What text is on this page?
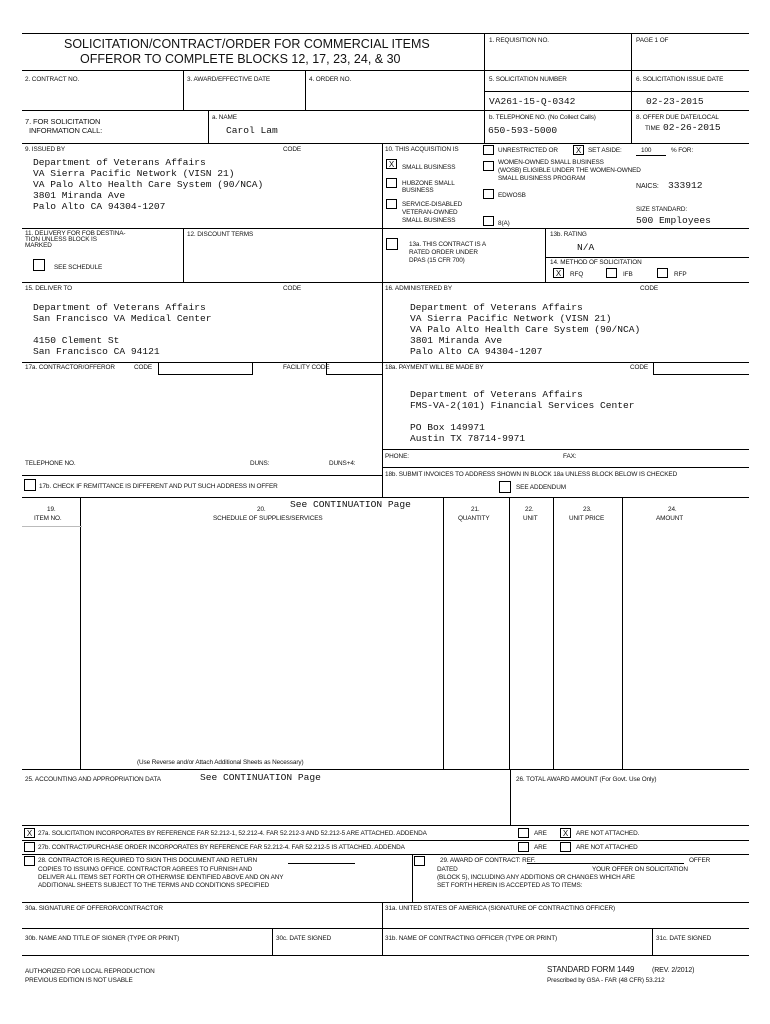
SOLICITATION/CONTRACT/ORDER FOR COMMERCIAL ITEMS
OFFEROR TO COMPLETE BLOCKS 12, 17, 23, 24, & 30
1. REQUISITION NO.	PAGE 1 OF
2. CONTRACT NO.	3. AWARD/EFFECTIVE DATE	4. ORDER NO.	5. SOLICITATION NUMBER
VA261-15-Q-0342
6. SOLICITATION ISSUE DATE
02-23-2015
7. FOR SOLICITATION
INFORMATION CALL:
a. NAME
Carol Lam
b. TELEPHONE NO. (No Collect Calls)
650-593-5000
8. OFFER DUE DATE/LOCAL
TIME 02-26-2015
9. ISSUED BY	CODE
Department of Veterans Affairs
VA Sierra Pacific Network (VISN 21)
VA Palo Alto Health Care System (90/NCA)
3801 Miranda Ave
Palo Alto CA 94304-1207
10. THIS ACQUISITION IS	UNRESTRICTED OR	X	SET ASIDE:	100	% FOR:
X	SMALL BUSINESS
HUBZONE SMALL
BUSINESS
SERVICE-DISABLED
VETERAN-OWNED
SMALL BUSINESS
WOMEN-OWNED SMALL BUSINESS
(WOSB) ELIGIBLE UNDER THE WOMEN-OWNED
SMALL BUSINESS PROGRAM
EDWOSB
8(A)
NAICS: 333912
SIZE STANDARD:
500 Employees
11. DELIVERY FOR FOB DESTINA-
TION UNLESS BLOCK IS
MARKED
SEE SCHEDULE
12. DISCOUNT TERMS
13a. THIS CONTRACT IS A
RATED ORDER UNDER
DPAS (15 CFR 700)
13b. RATING
N/A
14. METHOD OF SOLICITATION
X	RFQ	IFB	RFP
15. DELIVER TO	CODE
Department of Veterans Affairs
San Francisco VA Medical Center
4150 Clement St
San Francisco CA 94121
16. ADMINISTERED BY	CODE
Department of Veterans Affairs
VA Sierra Pacific Network (VISN 21)
VA Palo Alto Health Care System (90/NCA)
3801 Miranda Ave
Palo Alto CA 94304-1207
17a. CONTRACTOR/OFFEROR	CODE	FACILITY CODE
TELEPHONE NO.	DUNS:	DUNS+4:
17b. CHECK IF REMITTANCE IS DIFFERENT AND PUT SUCH ADDRESS IN OFFER
18a. PAYMENT WILL BE MADE BY	CODE
Department of Veterans Affairs
FMS-VA-2(101) Financial Services Center
PO Box 149971
Austin TX 78714-9971
PHONE:	FAX:
18b. SUBMIT INVOICES TO ADDRESS SHOWN IN BLOCK 18a UNLESS BLOCK BELOW IS CHECKED
SEE ADDENDUM
19.
ITEM NO.
20.	See CONTINUATION Page
SCHEDULE OF SUPPLIES/SERVICES
21.
QUANTITY
22.
UNIT
23.
UNIT PRICE
24.
AMOUNT
(Use Reverse and/or Attach Additional Sheets as Necessary)
25. ACCOUNTING AND APPROPRIATION DATA	See CONTINUATION Page	26. TOTAL AWARD AMOUNT (For Govt. Use Only)
X 27a. SOLICITATION INCORPORATES BY REFERENCE FAR 52.212-1, 52.212-4. FAR 52.212-3 AND 52.212-5 ARE ATTACHED. ADDENDA	ARE	X	ARE NOT ATTACHED.
27b. CONTRACT/PURCHASE ORDER INCORPORATES BY REFERENCE FAR 52.212-4. FAR 52.212-5 IS ATTACHED. ADDENDA	ARE	ARE NOT ATTACHED
28. CONTRACTOR IS REQUIRED TO SIGN THIS DOCUMENT AND RETURN
COPIES TO ISSUING OFFICE. CONTRACTOR AGREES TO FURNISH AND
DELIVER ALL ITEMS SET FORTH OR OTHERWISE IDENTIFIED ABOVE AND ON ANY
ADDITIONAL SHEETS SUBJECT TO THE TERMS AND CONDITIONS SPECIFIED
29. AWARD OF CONTRACT: REF.	OFFER
DATED	YOUR OFFER ON SOLICITATION
(BLOCK 5), INCLUDING ANY ADDITIONS OR CHANGES WHICH ARE
SET FORTH HEREIN IS ACCEPTED AS TO ITEMS:
30a. SIGNATURE OF OFFEROR/CONTRACTOR	31a. UNITED STATES OF AMERICA (SIGNATURE OF CONTRACTING OFFICER)
30b. NAME AND TITLE OF SIGNER (TYPE OR PRINT)	30c. DATE SIGNED	31b. NAME OF CONTRACTING OFFICER (TYPE OR PRINT)	31c. DATE SIGNED
AUTHORIZED FOR LOCAL REPRODUCTION
PREVIOUS EDITION IS NOT USABLE
STANDARD FORM 1449	(REV. 2/2012)
Prescribed by GSA - FAR (48 CFR) 53.212
